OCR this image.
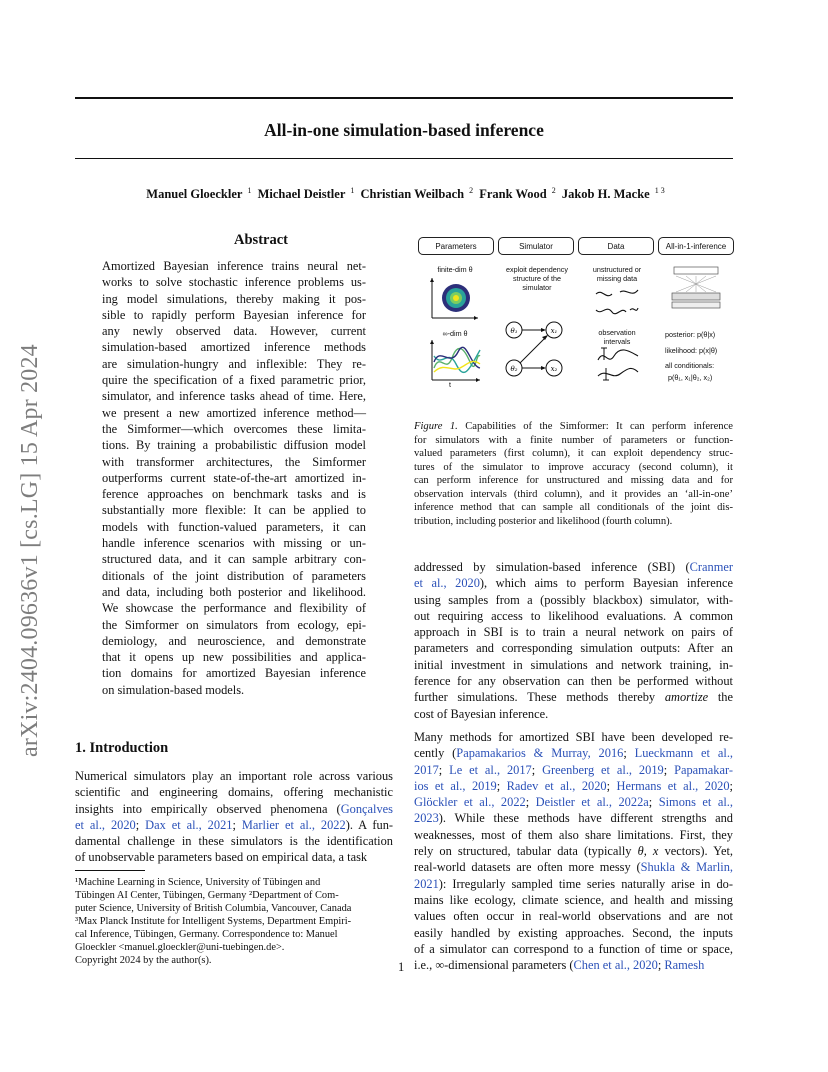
All-in-one simulation-based inference
Manuel Gloeckler $^1$ Michael Deistler $^1$ Christian Weilbach $^2$ Frank Wood $^2$ Jakob H. Macke $^{1 3}$
arXiv:2404.09636v1 [cs.LG] 15 Apr 2024
Abstract
Amortized Bayesian inference trains neural net-
works to solve stochastic inference problems us-
ing model simulations, thereby making it pos-
sible to rapidly perform Bayesian inference for
any newly observed data. However, current
simulation-based amortized inference methods
are simulation-hungry and inflexible: They re-
quire the specification of a fixed parametric prior,
simulator, and inference tasks ahead of time. Here,
we present a new amortized inference method—
the Simformer—which overcomes these limita-
tions. By training a probabilistic diffusion model
with transformer architectures, the Simformer
outperforms current state-of-the-art amortized in-
ference approaches on benchmark tasks and is
substantially more flexible: It can be applied to
models with function-valued parameters, it can
handle inference scenarios with missing or un-
structured data, and it can sample arbitrary con-
ditionals of the joint distribution of parameters
and data, including both posterior and likelihood.
We showcase the performance and flexibility of
the Simformer on simulators from ecology, epi-
demiology, and neuroscience, and demonstrate
that it opens up new possibilities and applica-
tion domains for amortized Bayesian inference
on simulation-based models.
1. Introduction
Numerical simulators play an important role across various
scientific and engineering domains, offering mechanistic
insights into empirically observed phenomena (Gonçalves
et al., 2020; Dax et al., 2021; Marlier et al., 2022). A fun-
damental challenge in these simulators is the identification
of unobservable parameters based on empirical data, a task
¹Machine Learning in Science, University of Tübingen and
Tübingen AI Center, Tübingen, Germany ²Department of Com-
puter Science, University of British Columbia, Vancouver, Canada
³Max Planck Institute for Intelligent Systems, Department Empiri-
cal Inference, Tübingen, Germany. Correspondence to: Manuel
Gloeckler <manuel.gloeckler@uni-tuebingen.de>.
Copyright 2024 by the author(s).	1
Parameters	Simulator	Data	All-in-1-inference
finite-dim θ
∞-dim θ
t
exploit dependency
structure of the
simulator
unstructured or
missing data
observation
intervals
posterior: p(θ|x)
likelihood: p(x|θ)
all conditionals:
p(θ₁, x₁|θ₂, x₂)
θ₁	x₁
θ₂	x₂
Figure 1. Capabilities of the Simformer: It can perform inference
for simulators with a finite number of parameters or function-
valued parameters (first column), it can exploit dependency struc-
tures of the simulator to improve accuracy (second column), it
can perform inference for unstructured and missing data and for
observation intervals (third column), and it provides an ‘all-in-one’
inference method that can sample all conditionals of the joint dis-
tribution, including posterior and likelihood (fourth column).
addressed by simulation-based inference (SBI) (Cranmer
et al., 2020), which aims to perform Bayesian inference
using samples from a (possibly blackbox) simulator, with-
out requiring access to likelihood evaluations. A common
approach in SBI is to train a neural network on pairs of
parameters and corresponding simulation outputs: After an
initial investment in simulations and network training, in-
ference for any observation can then be performed without
further simulations. These methods thereby amortize the
cost of Bayesian inference.
Many methods for amortized SBI have been developed re-
cently (Papamakarios & Murray, 2016; Lueckmann et al.,
2017; Le et al., 2017; Greenberg et al., 2019; Papamakar-
ios et al., 2019; Radev et al., 2020; Hermans et al., 2020;
Glöckler et al., 2022; Deistler et al., 2022a; Simons et al.,
2023). While these methods have different strengths and
weaknesses, most of them also share limitations. First, they
rely on structured, tabular data (typically θ, x vectors). Yet,
real-world datasets are often more messy (Shukla & Marlin,
2021): Irregularly sampled time series naturally arise in do-
mains like ecology, climate science, and health and missing
values often occur in real-world observations and are not
easily handled by existing approaches. Second, the inputs
of a simulator can correspond to a function of time or space,
i.e., ∞-dimensional parameters (Chen et al., 2020; Ramesh
